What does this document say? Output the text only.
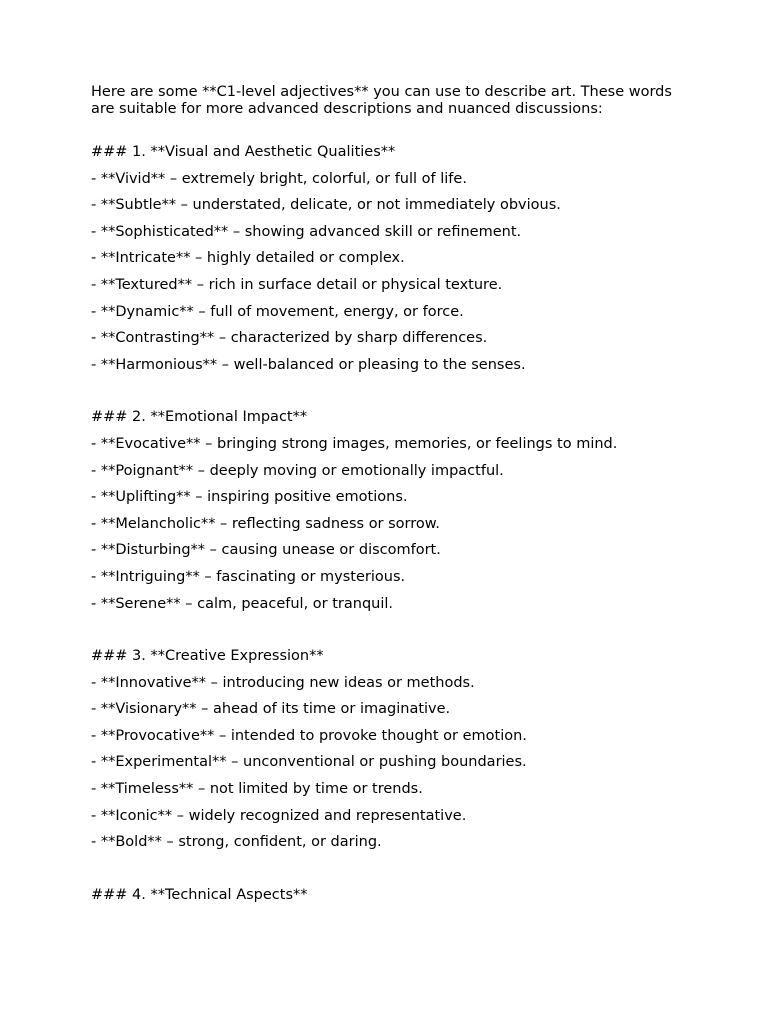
Here are some **C1-level adjectives** you can use to describe art. These words are suitable for more advanced descriptions and nuanced discussions:

### 1. **Visual and Aesthetic Qualities**
- **Vivid** – extremely bright, colorful, or full of life.
- **Subtle** – understated, delicate, or not immediately obvious.
- **Sophisticated** – showing advanced skill or refinement.
- **Intricate** – highly detailed or complex.
- **Textured** – rich in surface detail or physical texture.
- **Dynamic** – full of movement, energy, or force.
- **Contrasting** – characterized by sharp differences.
- **Harmonious** – well-balanced or pleasing to the senses.
### 2. **Emotional Impact**
- **Evocative** – bringing strong images, memories, or feelings to mind.
- **Poignant** – deeply moving or emotionally impactful.
- **Uplifting** – inspiring positive emotions.
- **Melancholic** – reflecting sadness or sorrow.
- **Disturbing** – causing unease or discomfort.
- **Intriguing** – fascinating or mysterious.
- **Serene** – calm, peaceful, or tranquil.
### 3. **Creative Expression**
- **Innovative** – introducing new ideas or methods.
- **Visionary** – ahead of its time or imaginative.
- **Provocative** – intended to provoke thought or emotion.
- **Experimental** – unconventional or pushing boundaries.
- **Timeless** – not limited by time or trends.
- **Iconic** – widely recognized and representative.
- **Bold** – strong, confident, or daring.
### 4. **Technical Aspects**
